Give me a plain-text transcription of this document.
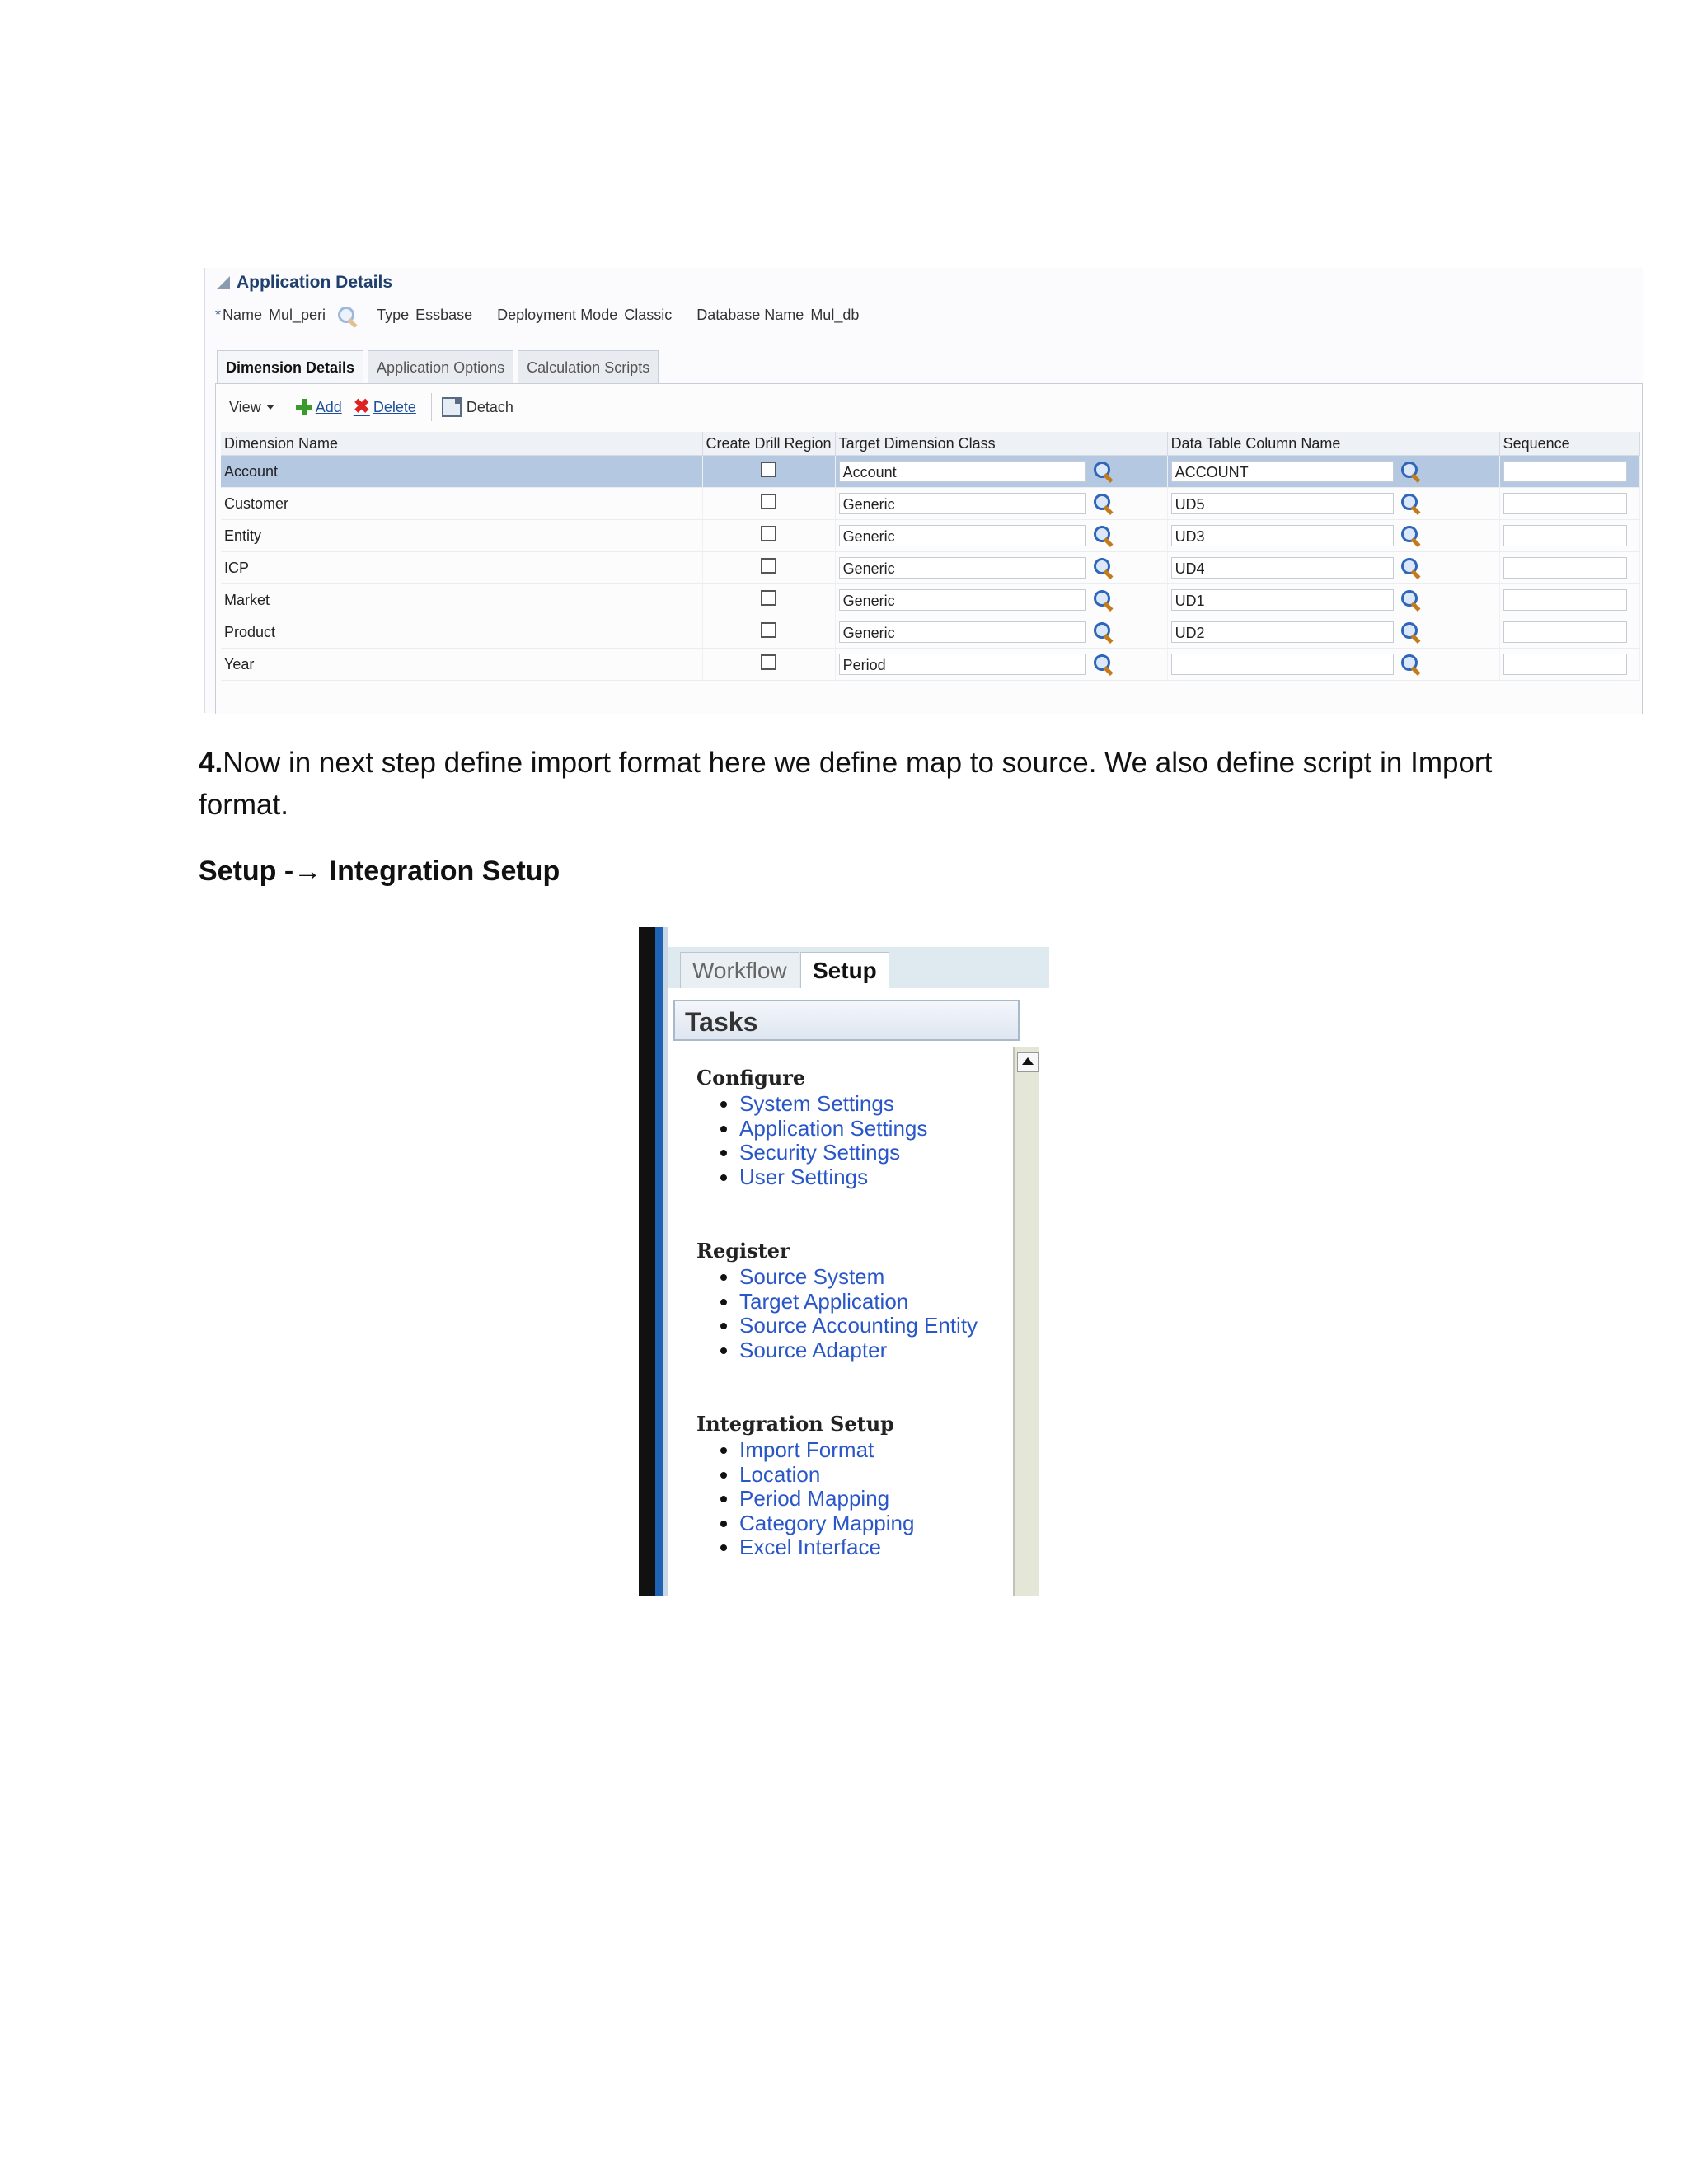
Application Details
* Name Mul_peri	Type Essbase Deployment Mode Classic Database Name Mul_db
Dimension Details	Application Options	Calculation Scripts
View	Add ✖ Delete	Detach
Dimension Name	Create Drill Region	Target Dimension Class	Data Table Column Name	Sequence
Account		Account	ACCOUNT	
Customer		Generic	UD5	
Entity		Generic	UD3	
ICP		Generic	UD4	
Market		Generic	UD1	
Product		Generic	UD2	
Year		Period		
4.Now in next step define import format here we define map to source. We also define script in Import format.
Setup -→ Integration Setup
Workflow	Setup
Tasks
Configure
• System Settings
• Application Settings
• Security Settings
• User Settings
Register
• Source System
• Target Application
• Source Accounting Entity
• Source Adapter
Integration Setup
• Import Format
• Location
• Period Mapping
• Category Mapping
• Excel Interface
